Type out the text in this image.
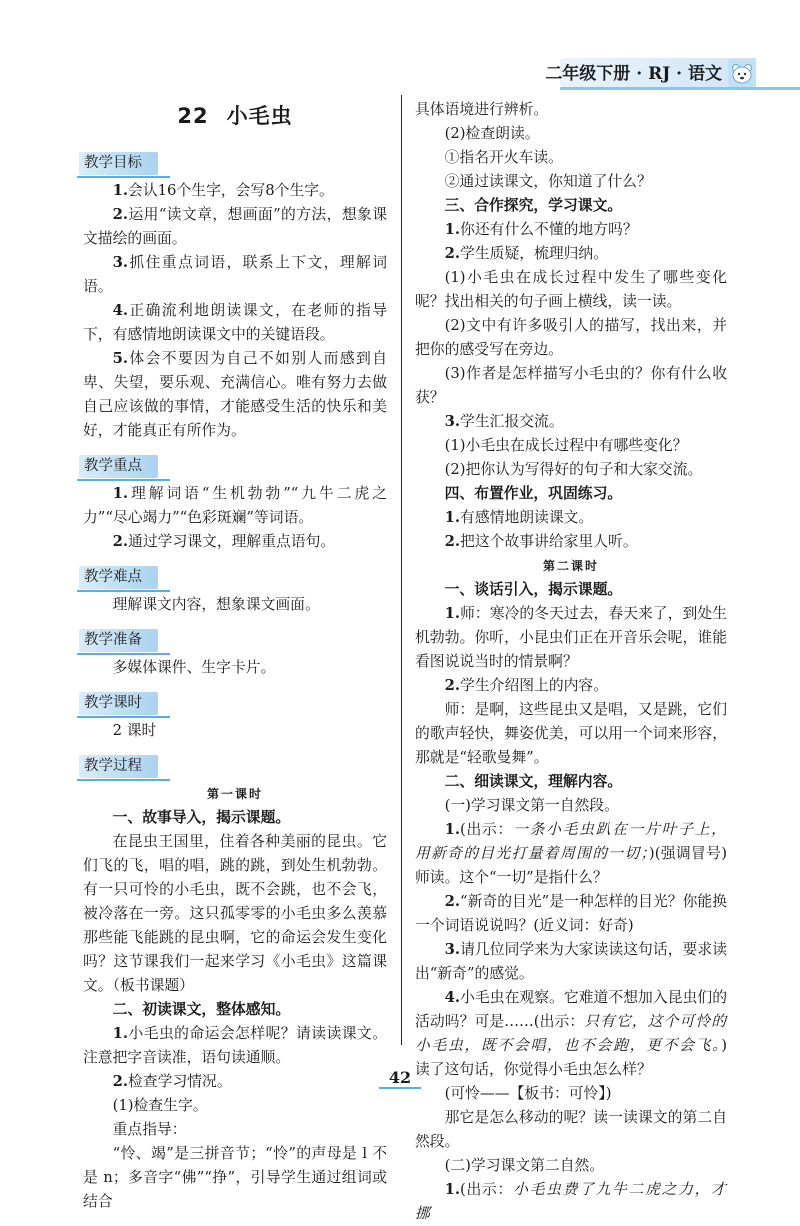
二年级下册 · RJ · 语文
22 小毛虫
教学目标

1.会认16个生字，会写8个生字。

2.运用“读文章，想画面”的方法，想象课文描绘的画面。

3.抓住重点词语，联系上下文，理解词语。

4.正确流利地朗读课文，在老师的指导下，有感情地朗读课文中的关键语段。

5.体会不要因为自己不如别人而感到自卑、失望，要乐观、充满信心。唯有努力去做自己应该做的事情，才能感受生活的快乐和美好，才能真正有所作为。

教学重点

1.理解词语“生机勃勃”“九牛二虎之力”“尽心竭力”“色彩斑斓”等词语。

2.通过学习课文，理解重点语句。

教学难点

理解课文内容，想象课文画面。

教学准备

多媒体课件、生字卡片。

教学课时

2 课时

教学过程

第一课时

一、故事导入，揭示课题。

在昆虫王国里，住着各种美丽的昆虫。它们飞的飞，唱的唱，跳的跳，到处生机勃勃。有一只可怜的小毛虫，既不会跳，也不会飞，被冷落在一旁。这只孤零零的小毛虫多么羡慕那些能飞能跳的昆虫啊，它的命运会发生变化吗？这节课我们一起来学习《小毛虫》这篇课文。（板书课题）

二、初读课文，整体感知。

1.小毛虫的命运会怎样呢？请读读课文。注意把字音读准，语句读通顺。

2.检查学习情况。

(1)检查生字。

重点指导：

“怜、竭”是三拼音节；“怜”的声母是 l 不是 n；多音字“佛”“挣”，引导学生通过组词或结合

具体语境进行辨析。

(2)检查朗读。

①指名开火车读。

②通过读课文，你知道了什么？

三、合作探究，学习课文。

1.你还有什么不懂的地方吗？

2.学生质疑，梳理归纳。

(1)小毛虫在成长过程中发生了哪些变化呢？找出相关的句子画上横线，读一读。

(2)文中有许多吸引人的描写，找出来，并把你的感受写在旁边。

(3)作者是怎样描写小毛虫的？你有什么收获？

3.学生汇报交流。

(1)小毛虫在成长过程中有哪些变化？

(2)把你认为写得好的句子和大家交流。

四、布置作业，巩固练习。

1.有感情地朗读课文。

2.把这个故事讲给家里人听。

第二课时

一、谈话引入，揭示课题。

1.师：寒冷的冬天过去，春天来了，到处生机勃勃。你听，小昆虫们正在开音乐会呢，谁能看图说说当时的情景啊？

2.学生介绍图上的内容。

师：是啊，这些昆虫又是唱，又是跳，它们的歌声轻快，舞姿优美，可以用一个词来形容，那就是“轻歌曼舞”。

二、细读课文，理解内容。

(一)学习课文第一自然段。

1.(出示：一条小毛虫趴在一片叶子上，用新奇的目光打量着周围的一切；)(强调冒号)师读。这个“一切”是指什么？

2.“新奇的目光”是一种怎样的目光？你能换一个词语说说吗？(近义词：好奇)

3.请几位同学来为大家读读这句话，要求读出“新奇”的感觉。

4.小毛虫在观察。它难道不想加入昆虫们的活动吗？可是……(出示：只有它，这个可怜的小毛虫，既不会唱，也不会跑，更不会飞。)读了这句话，你觉得小毛虫怎么样？

(可怜——【板书：可怜】)

那它是怎么移动的呢？读一读课文的第二自然段。

(二)学习课文第二自然。

1.(出示：小毛虫费了九牛二虎之力，才挪

42
